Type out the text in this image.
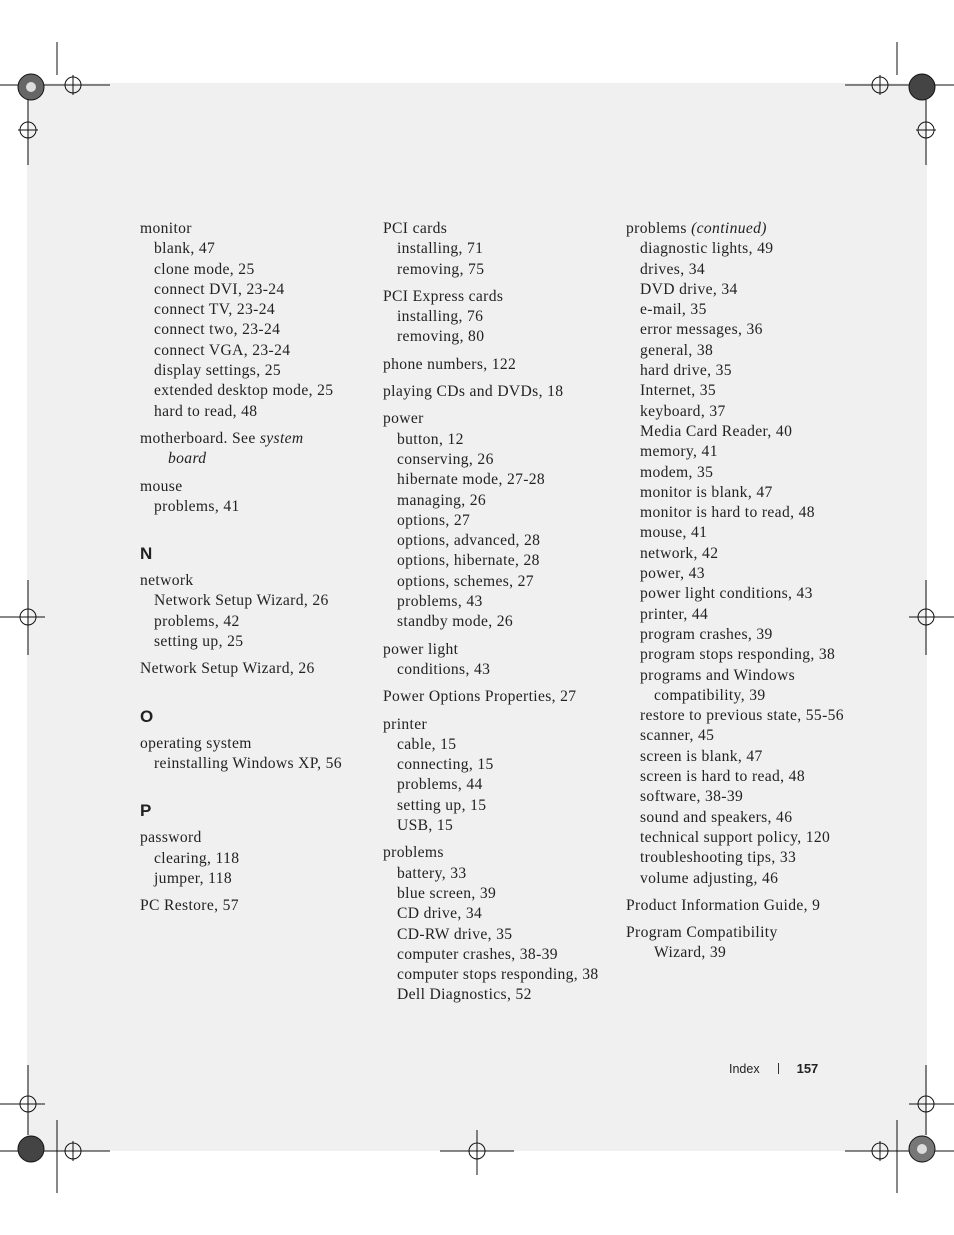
monitor
blank, 47
clone mode, 25
connect DVI, 23-24
connect TV, 23-24
connect two, 23-24
connect VGA, 23-24
display settings, 25
extended desktop mode, 25
hard to read, 48
motherboard. See system
board
mouse
problems, 41
N
network
Network Setup Wizard, 26
problems, 42
setting up, 25
Network Setup Wizard, 26
O
operating system
reinstalling Windows XP, 56
P
password
clearing, 118
jumper, 118
PC Restore, 57
PCI cards
installing, 71
removing, 75
PCI Express cards
installing, 76
removing, 80
phone numbers, 122
playing CDs and DVDs, 18
power
button, 12
conserving, 26
hibernate mode, 27-28
managing, 26
options, 27
options, advanced, 28
options, hibernate, 28
options, schemes, 27
problems, 43
standby mode, 26
power light
conditions, 43
Power Options Properties, 27
printer
cable, 15
connecting, 15
problems, 44
setting up, 15
USB, 15
problems
battery, 33
blue screen, 39
CD drive, 34
CD-RW drive, 35
computer crashes, 38-39
computer stops responding, 38
Dell Diagnostics, 52
problems (continued)
diagnostic lights, 49
drives, 34
DVD drive, 34
e-mail, 35
error messages, 36
general, 38
hard drive, 35
Internet, 35
keyboard, 37
Media Card Reader, 40
memory, 41
modem, 35
monitor is blank, 47
monitor is hard to read, 48
mouse, 41
network, 42
power, 43
power light conditions, 43
printer, 44
program crashes, 39
program stops responding, 38
programs and Windows
compatibility, 39
restore to previous state, 55-56
scanner, 45
screen is blank, 47
screen is hard to read, 48
software, 38-39
sound and speakers, 46
technical support policy, 120
troubleshooting tips, 33
volume adjusting, 46
Product Information Guide, 9
Program Compatibility
Wizard, 39
Index	157
